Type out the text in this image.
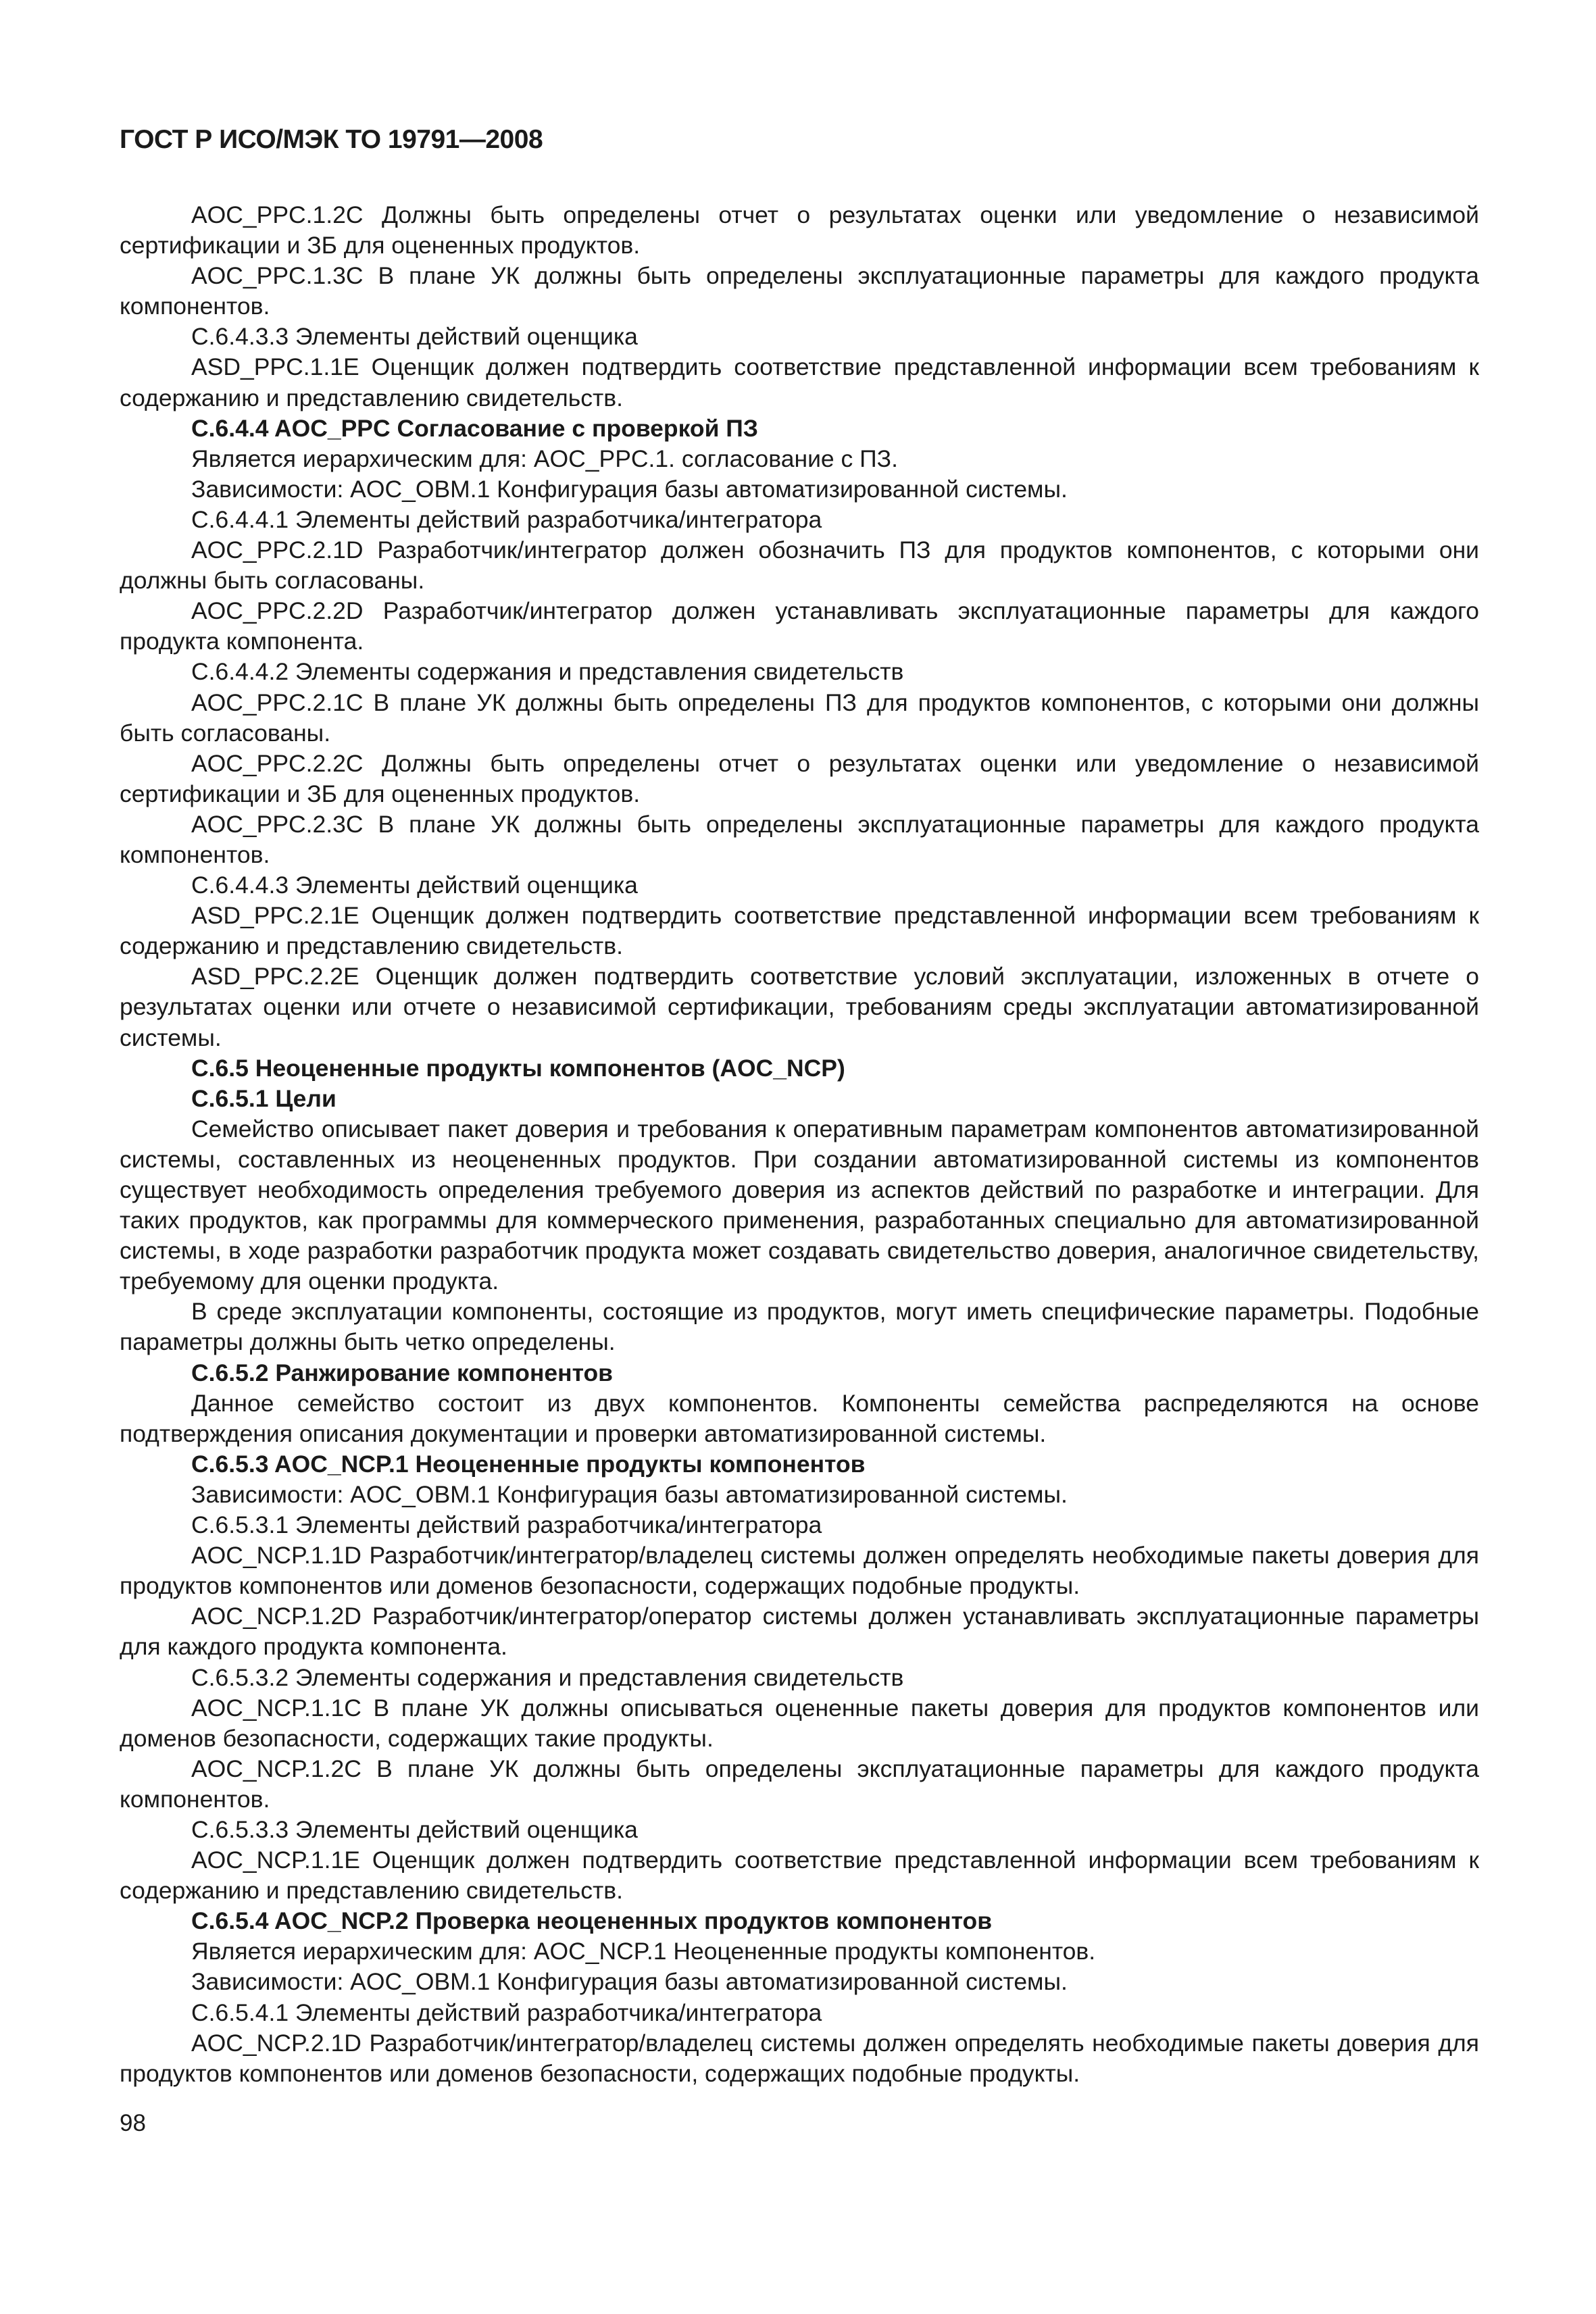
ГОСТ Р ИСО/МЭК ТО 19791—2008

AOC_PPC.1.2C Должны быть определены отчет о результатах оценки или уведомление о независимой сертификации и ЗБ для оцененных продуктов.

AOC_PPC.1.3C В плане УК должны быть определены эксплуатационные параметры для каждого продукта компонентов.

C.6.4.3.3 Элементы действий оценщика

ASD_PPC.1.1E Оценщик должен подтвердить соответствие представленной информации всем требованиям к содержанию и представлению свидетельств.

C.6.4.4 AOC_PPC Согласование с проверкой ПЗ

Является иерархическим для: AOC_PPC.1. согласование с ПЗ.

Зависимости: AOC_OBM.1 Конфигурация базы автоматизированной системы.

C.6.4.4.1 Элементы действий разработчика/интегратора

AOC_PPC.2.1D Разработчик/интегратор должен обозначить ПЗ для продуктов компонентов, с которыми они должны быть согласованы.

AOC_PPC.2.2D Разработчик/интегратор должен устанавливать эксплуатационные параметры для каждого продукта компонента.

C.6.4.4.2 Элементы содержания и представления свидетельств

AOC_PPC.2.1C В плане УК должны быть определены ПЗ для продуктов компонентов, с которыми они должны быть согласованы.

AOC_PPC.2.2C Должны быть определены отчет о результатах оценки или уведомление о независимой сертификации и ЗБ для оцененных продуктов.

AOC_PPC.2.3C В плане УК должны быть определены эксплуатационные параметры для каждого продукта компонентов.

C.6.4.4.3 Элементы действий оценщика

ASD_PPC.2.1E Оценщик должен подтвердить соответствие представленной информации всем требованиям к содержанию и представлению свидетельств.

ASD_PPC.2.2E Оценщик должен подтвердить соответствие условий эксплуатации, изложенных в отчете о результатах оценки или отчете о независимой сертификации, требованиям среды эксплуатации автоматизированной системы.

C.6.5 Неоцененные продукты компонентов (AOC_NCP)

C.6.5.1 Цели

Семейство описывает пакет доверия и требования к оперативным параметрам компонентов автоматизированной системы, составленных из неоцененных продуктов. При создании автоматизированной системы из компонентов существует необходимость определения требуемого доверия из аспектов действий по разработке и интеграции. Для таких продуктов, как программы для коммерческого применения, разработанных специально для автоматизированной системы, в ходе разработки разработчик продукта может создавать свидетельство доверия, аналогичное свидетельству, требуемому для оценки продукта.

В среде эксплуатации компоненты, состоящие из продуктов, могут иметь специфические параметры. Подобные параметры должны быть четко определены.

C.6.5.2 Ранжирование компонентов

Данное семейство состоит из двух компонентов. Компоненты семейства распределяются на основе подтверждения описания документации и проверки автоматизированной системы.

C.6.5.3 AOC_NCP.1 Неоцененные продукты компонентов

Зависимости: AOC_OBM.1 Конфигурация базы автоматизированной системы.

C.6.5.3.1 Элементы действий разработчика/интегратора

AOC_NCP.1.1D Разработчик/интегратор/владелец системы должен определять необходимые пакеты доверия для продуктов компонентов или доменов безопасности, содержащих подобные продукты.

AOC_NCP.1.2D Разработчик/интегратор/оператор системы должен устанавливать эксплуатационные параметры для каждого продукта компонента.

C.6.5.3.2 Элементы содержания и представления свидетельств

AOC_NCP.1.1C В плане УК должны описываться оцененные пакеты доверия для продуктов компонентов или доменов безопасности, содержащих такие продукты.

AOC_NCP.1.2C В плане УК должны быть определены эксплуатационные параметры для каждого продукта компонентов.

C.6.5.3.3 Элементы действий оценщика

AOC_NCP.1.1E Оценщик должен подтвердить соответствие представленной информации всем требованиям к содержанию и представлению свидетельств.

C.6.5.4 AOC_NCP.2 Проверка неоцененных продуктов компонентов

Является иерархическим для: AOC_NCP.1 Неоцененные продукты компонентов.

Зависимости: AOC_OBM.1 Конфигурация базы автоматизированной системы.

C.6.5.4.1 Элементы действий разработчика/интегратора

AOC_NCP.2.1D Разработчик/интегратор/владелец системы должен определять необходимые пакеты доверия для продуктов компонентов или доменов безопасности, содержащих подобные продукты.

98
